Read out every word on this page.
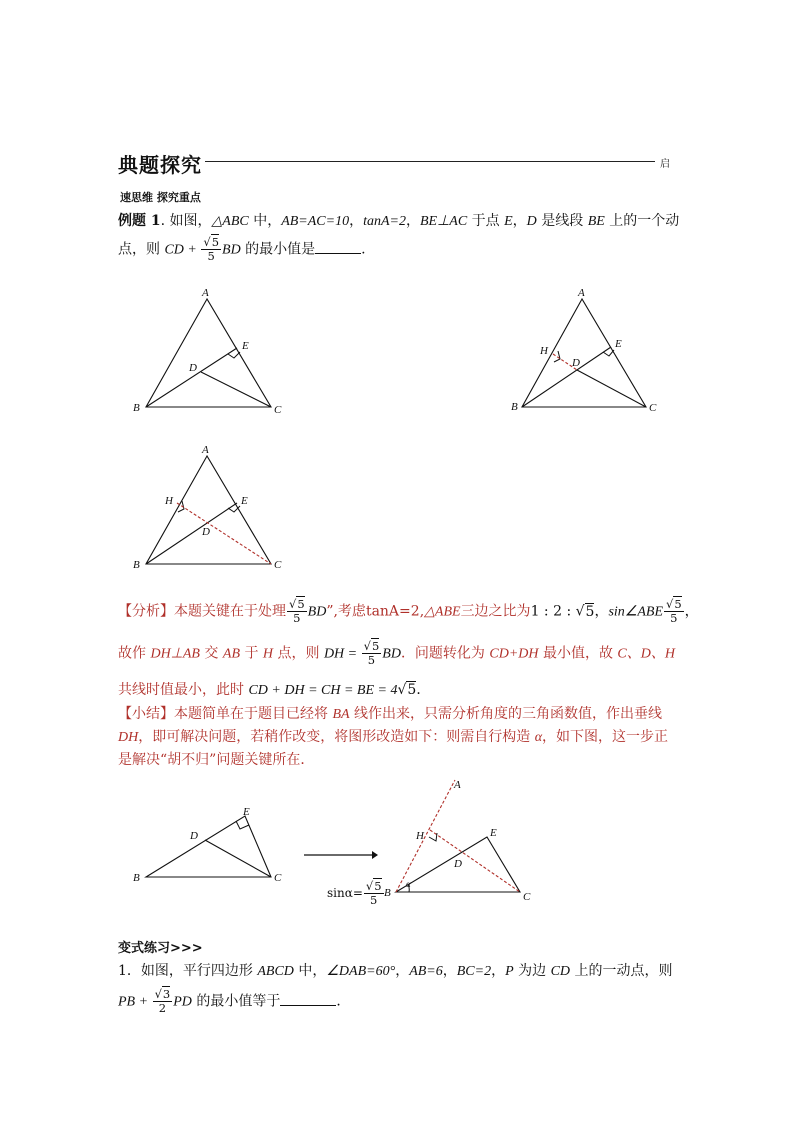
典题探究	启
速思维 探究重点
例题 1. 如图，△ABC 中，AB=AC=10，tanA=2，BE⊥AC 于点 E，D 是线段 BE 上的一个动
点，则 CD + $\frac{√5}{5}$ BD 的最小值是	.
A
B	C
D
E
A
B	C
D
E
H
A
B	C
D
E
H
【分析】本题关键在于处理 $\frac{√5}{5}$ BD”,考虑tanA=2,△ABE三边之比为1 : 2 : √5，sin∠ABE $\frac{√5}{5}$ ，
故作 DH⊥AB 交 AB 于 H 点，则 DH = $\frac{√5}{5}$ BD．问题转化为 CD+DH 最小值，故 C、D、H
共线时值最小，此时 CD + DH = CH = BE = 4√5．
【小结】本题简单在于题目已经将 BA 线作出来，只需分析角度的三角函数值，作出垂线
DH，即可解决问题，若稍作改变，将图形改造如下：则需自行构造 α，如下图，这一步正
是解决“胡不归”问题关键所在．
B	C
D
E
A
B	C
D
E
H
α
$\sin\alpha= \frac{√5}{5}$
变式练习>>>
1．如图，平行四边形 ABCD 中，∠DAB=60°，AB=6，BC=2，P 为边 CD 上的一动点，则
PB + $\frac{√3}{2}$ PD 的最小值等于	．
